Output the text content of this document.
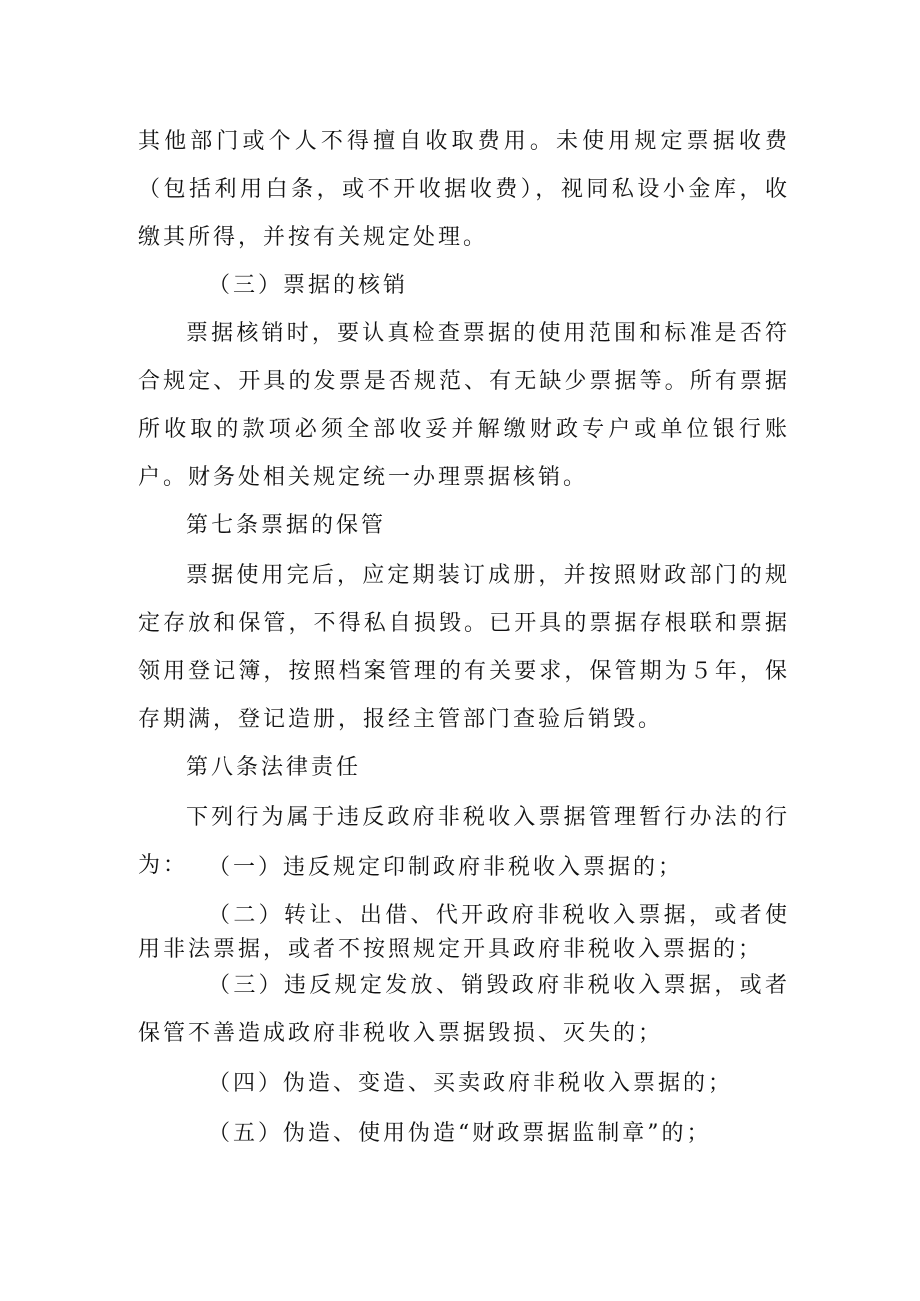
其他部门或个人不得擅自收取费用。未使用规定票据收费（包括利用白条，或不开收据收费），视同私设小金库，收缴其所得，并按有关规定处理。

（三）票据的核销

票据核销时，要认真检查票据的使用范围和标准是否符合规定、开具的发票是否规范、有无缺少票据等。所有票据所收取的款项必须全部收妥并解缴财政专户或单位银行账户。财务处相关规定统一办理票据核销。

第七条票据的保管

票据使用完后，应定期装订成册，并按照财政部门的规定存放和保管，不得私自损毁。已开具的票据存根联和票据领用登记簿，按照档案管理的有关要求，保管期为５年，保存期满，登记造册，报经主管部门查验后销毁。

第八条法律责任

下列行为属于违反政府非税收入票据管理暂行办法的行为： （一）违反规定印制政府非税收入票据的；

（二）转让、出借、代开政府非税收入票据，或者使用非法票据，或者不按照规定开具政府非税收入票据的；

（三）违反规定发放、销毁政府非税收入票据，或者保管不善造成政府非税收入票据毁损、灭失的；

（四）伪造、变造、买卖政府非税收入票据的；

（五）伪造、使用伪造“财政票据监制章”的；
